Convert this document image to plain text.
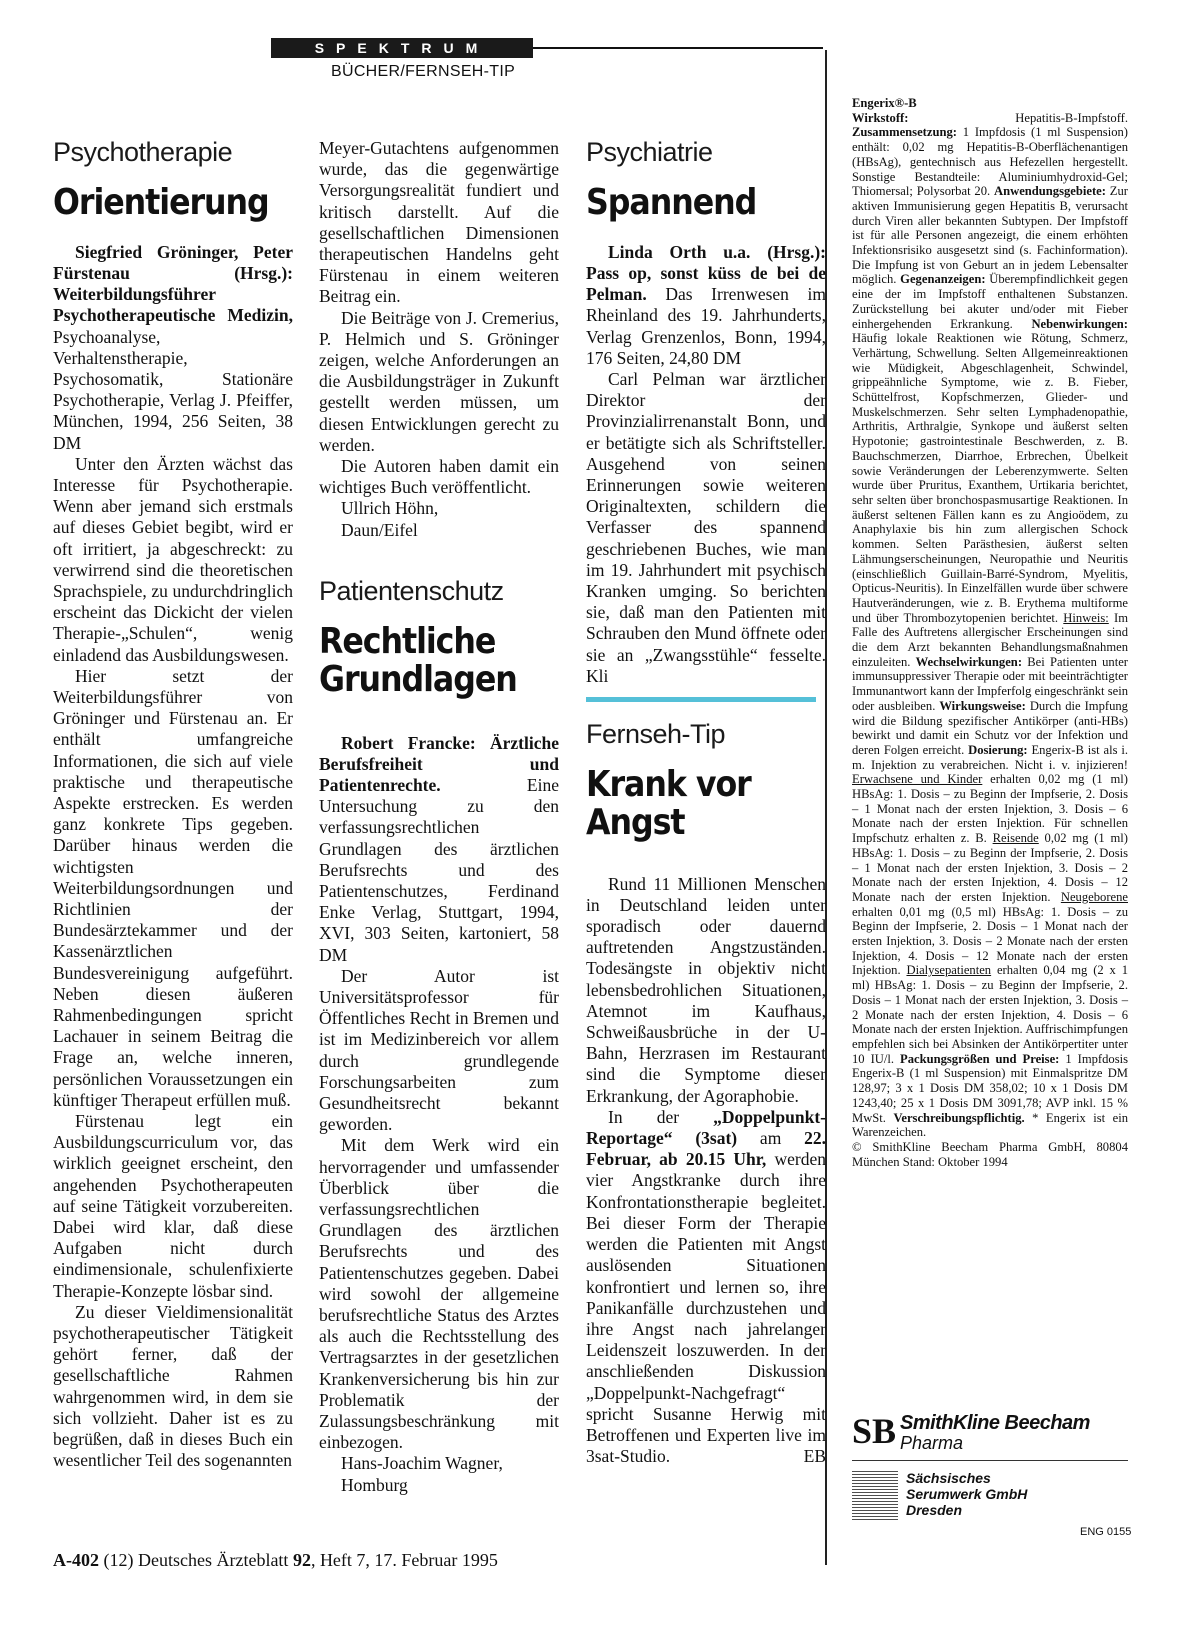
SPEKTRUM
BÜCHER/FERNSEH-TIP
Psychotherapie
Orientierung

Siegfried Gröninger, Peter Fürstenau (Hrsg.): Weiterbildungsführer Psychotherapeutische Medizin, Psychoanalyse, Verhaltenstherapie, Psychosomatik, Stationäre Psychotherapie, Verlag J. Pfeiffer, München, 1994, 256 Seiten, 38 DM

Unter den Ärzten wächst das Interesse für Psychotherapie. Wenn aber jemand sich erstmals auf dieses Gebiet begibt, wird er oft irritiert, ja abgeschreckt: zu verwirrend sind die theoretischen Sprachspiele, zu undurchdringlich erscheint das Dickicht der vielen Therapie-„Schulen“, wenig einladend das Ausbildungswesen.

Hier setzt der Weiterbildungsführer von Gröninger und Fürstenau an. Er enthält umfangreiche Informationen, die sich auf viele praktische und therapeutische Aspekte erstrecken. Es werden ganz konkrete Tips gegeben. Darüber hinaus werden die wichtigsten Weiterbildungsordnungen und Richtlinien der Bundesärztekammer und der Kassenärztlichen Bundesvereinigung aufgeführt. Neben diesen äußeren Rahmenbedingungen spricht Lachauer in seinem Beitrag die Frage an, welche inneren, persönlichen Voraussetzungen ein künftiger Therapeut erfüllen muß.

Fürstenau legt ein Ausbildungscurriculum vor, das wirklich geeignet erscheint, den angehenden Psychotherapeuten auf seine Tätigkeit vorzubereiten. Dabei wird klar, daß diese Aufgaben nicht durch eindimensionale, schulenfixierte Therapie-Konzepte lösbar sind.

Zu dieser Vieldimensionalität psychotherapeutischer Tätigkeit gehört ferner, daß der gesellschaftliche Rahmen wahrgenommen wird, in dem sie sich vollzieht. Daher ist es zu begrüßen, daß in dieses Buch ein wesentlicher Teil des sogenannten

Meyer-Gutachtens aufgenommen wurde, das die gegenwärtige Versorgungsrealität fundiert und kritisch darstellt. Auf die gesellschaftlichen Dimensionen therapeutischen Handelns geht Fürstenau in einem weiteren Beitrag ein.

Die Beiträge von J. Cremerius, P. Helmich und S. Gröninger zeigen, welche Anforderungen an die Ausbildungsträger in Zukunft gestellt werden müssen, um diesen Entwicklungen gerecht zu werden.

Die Autoren haben damit ein wichtiges Buch veröffentlicht.

Ullrich Höhn,
Daun/Eifel
Patientenschutz
Rechtliche
Grundlagen

Robert Francke: Ärztliche Berufsfreiheit und Patientenrechte. Eine Untersuchung zu den verfassungsrechtlichen Grundlagen des ärztlichen Berufsrechts und des Patientenschutzes, Ferdinand Enke Verlag, Stuttgart, 1994, XVI, 303 Seiten, kartoniert, 58 DM

Der Autor ist Universitätsprofessor für Öffentliches Recht in Bremen und ist im Medizinbereich vor allem durch grundlegende Forschungsarbeiten zum Gesundheitsrecht bekannt geworden.

Mit dem Werk wird ein hervorragender und umfassender Überblick über die verfassungsrechtlichen Grundlagen des ärztlichen Berufsrechts und des Patientenschutzes gegeben. Dabei wird sowohl der allgemeine berufsrechtliche Status des Arztes als auch die Rechtsstellung des Vertragsarztes in der gesetzlichen Krankenversicherung bis hin zur Problematik der Zulassungsbeschränkung mit einbezogen.

Hans-Joachim Wagner,
Homburg
Psychiatrie
Spannend

Linda Orth u.a. (Hrsg.): Pass op, sonst küss de bei de Pelman. Das Irrenwesen im Rheinland des 19. Jahrhunderts, Verlag Grenzenlos, Bonn, 1994, 176 Seiten, 24,80 DM

Carl Pelman war ärztlicher Direktor der Provinzialirrenanstalt Bonn, und er betätigte sich als Schriftsteller. Ausgehend von seinen Erinnerungen sowie weiteren Originaltexten, schildern die Verfasser des spannend geschriebenen Buches, wie man im 19. Jahrhundert mit psychisch Kranken umging. So berichten sie, daß man den Patienten mit Schrauben den Mund öffnete oder sie an „Zwangsstühle“ fesselte. Kli

Fernseh-Tip
Krank vor
Angst

Rund 11 Millionen Menschen in Deutschland leiden unter sporadisch oder dauernd auftretenden Angstzuständen. Todesängste in objektiv nicht lebensbedrohlichen Situationen, Atemnot im Kaufhaus, Schweißausbrüche in der U-Bahn, Herzrasen im Restaurant sind die Symptome dieser Erkrankung, der Agoraphobie.

In der „Doppelpunkt-Reportage“ (3sat) am 22. Februar, ab 20.15 Uhr, werden vier Angstkranke durch ihre Konfrontationstherapie begleitet. Bei dieser Form der Therapie werden die Patienten mit Angst auslösenden Situationen konfrontiert und lernen so, ihre Panikanfälle durchzustehen und ihre Angst nach jahrelanger Leidenszeit loszuwerden. In der anschließenden Diskussion „Doppelpunkt-Nachgefragt“ spricht Susanne Herwig mit Betroffenen und Experten live im 3sat-Studio.	EB

Engerix®-B
Wirkstoff: Hepatitis-B-Impfstoff. Zusammensetzung: 1 Impfdosis (1 ml Suspension) enthält: 0,02 mg Hepatitis-B-Oberflächenantigen (HBsAg), gentechnisch aus Hefezellen hergestellt. Sonstige Bestandteile: Aluminiumhydroxid-Gel; Thiomersal; Polysorbat 20. Anwendungsgebiete: Zur aktiven Immunisierung gegen Hepatitis B, verursacht durch Viren aller bekannten Subtypen. Der Impfstoff ist für alle Personen angezeigt, die einem erhöhten Infektionsrisiko ausgesetzt sind (s. Fachinformation). Die Impfung ist von Geburt an in jedem Lebensalter möglich. Gegenanzeigen: Überempfindlichkeit gegen eine der im Impfstoff enthaltenen Substanzen. Zurückstellung bei akuter und/oder mit Fieber einhergehenden Erkrankung. Nebenwirkungen: Häufig lokale Reaktionen wie Rötung, Schmerz, Verhärtung, Schwellung. Selten Allgemeinreaktionen wie Müdigkeit, Abgeschlagenheit, Schwindel, grippeähnliche Symptome, wie z. B. Fieber, Schüttelfrost, Kopfschmerzen, Glieder- und Muskelschmerzen. Sehr selten Lymphadenopathie, Arthritis, Arthralgie, Synkope und äußerst selten Hypotonie; gastrointestinale Beschwerden, z. B. Bauchschmerzen, Diarrhoe, Erbrechen, Übelkeit sowie Veränderungen der Leberenzymwerte. Selten wurde über Pruritus, Exanthem, Urtikaria berichtet, sehr selten über bronchospasmusartige Reaktionen. In äußerst seltenen Fällen kann es zu Angioödem, zu Anaphylaxie bis hin zum allergischen Schock kommen. Selten Parästhesien, äußerst selten Lähmungserscheinungen, Neuropathie und Neuritis (einschließlich Guillain-Barré-Syndrom, Myelitis, Opticus-Neuritis). In Einzelfällen wurde über schwere Hautveränderungen, wie z. B. Erythema multiforme und über Thrombozytopenien berichtet. Hinweis: Im Falle des Auftretens allergischer Erscheinungen sind die dem Arzt bekannten Behandlungsmaßnahmen einzuleiten. Wechselwirkungen: Bei Patienten unter immunsuppressiver Therapie oder mit beeinträchtigter Immunantwort kann der Impferfolg eingeschränkt sein oder ausbleiben. Wirkungsweise: Durch die Impfung wird die Bildung spezifischer Antikörper (anti-HBs) bewirkt und damit ein Schutz vor der Infektion und deren Folgen erreicht. Dosierung: Engerix-B ist als i. m. Injektion zu verabreichen. Nicht i. v. injizieren! Erwachsene und Kinder erhalten 0,02 mg (1 ml) HBsAg: 1. Dosis – zu Beginn der Impfserie, 2. Dosis – 1 Monat nach der ersten Injektion, 3. Dosis – 6 Monate nach der ersten Injektion. Für schnellen Impfschutz erhalten z. B. Reisende 0,02 mg (1 ml) HBsAg: 1. Dosis – zu Beginn der Impfserie, 2. Dosis – 1 Monat nach der ersten Injektion, 3. Dosis – 2 Monate nach der ersten Injektion, 4. Dosis – 12 Monate nach der ersten Injektion. Neugeborene erhalten 0,01 mg (0,5 ml) HBsAg: 1. Dosis – zu Beginn der Impfserie, 2. Dosis – 1 Monat nach der ersten Injektion, 3. Dosis – 2 Monate nach der ersten Injektion, 4. Dosis – 12 Monate nach der ersten Injektion. Dialysepatienten erhalten 0,04 mg (2 x 1 ml) HBsAg: 1. Dosis – zu Beginn der Impfserie, 2. Dosis – 1 Monat nach der ersten Injektion, 3. Dosis – 2 Monate nach der ersten Injektion, 4. Dosis – 6 Monate nach der ersten Injektion. Auffrischimpfungen empfehlen sich bei Absinken der Antikörpertiter unter 10 IU/l. Packungsgrößen und Preise: 1 Impfdosis Engerix-B (1 ml Suspension) mit Einmalspritze DM 128,97; 3 x 1 Dosis DM 358,02; 10 x 1 Dosis DM 1243,40; 25 x 1 Dosis DM 3091,78; AVP inkl. 15 % MwSt. Verschreibungspflichtig. * Engerix ist ein Warenzeichen.
© SmithKline Beecham Pharma GmbH, 80804 München Stand: Oktober 1994

SB
SmithKline Beecham
Pharma

Sächsisches
Serumwerk GmbH
Dresden
ENG 0155
A-402 (12) Deutsches Ärzteblatt 92, Heft 7, 17. Februar 1995
